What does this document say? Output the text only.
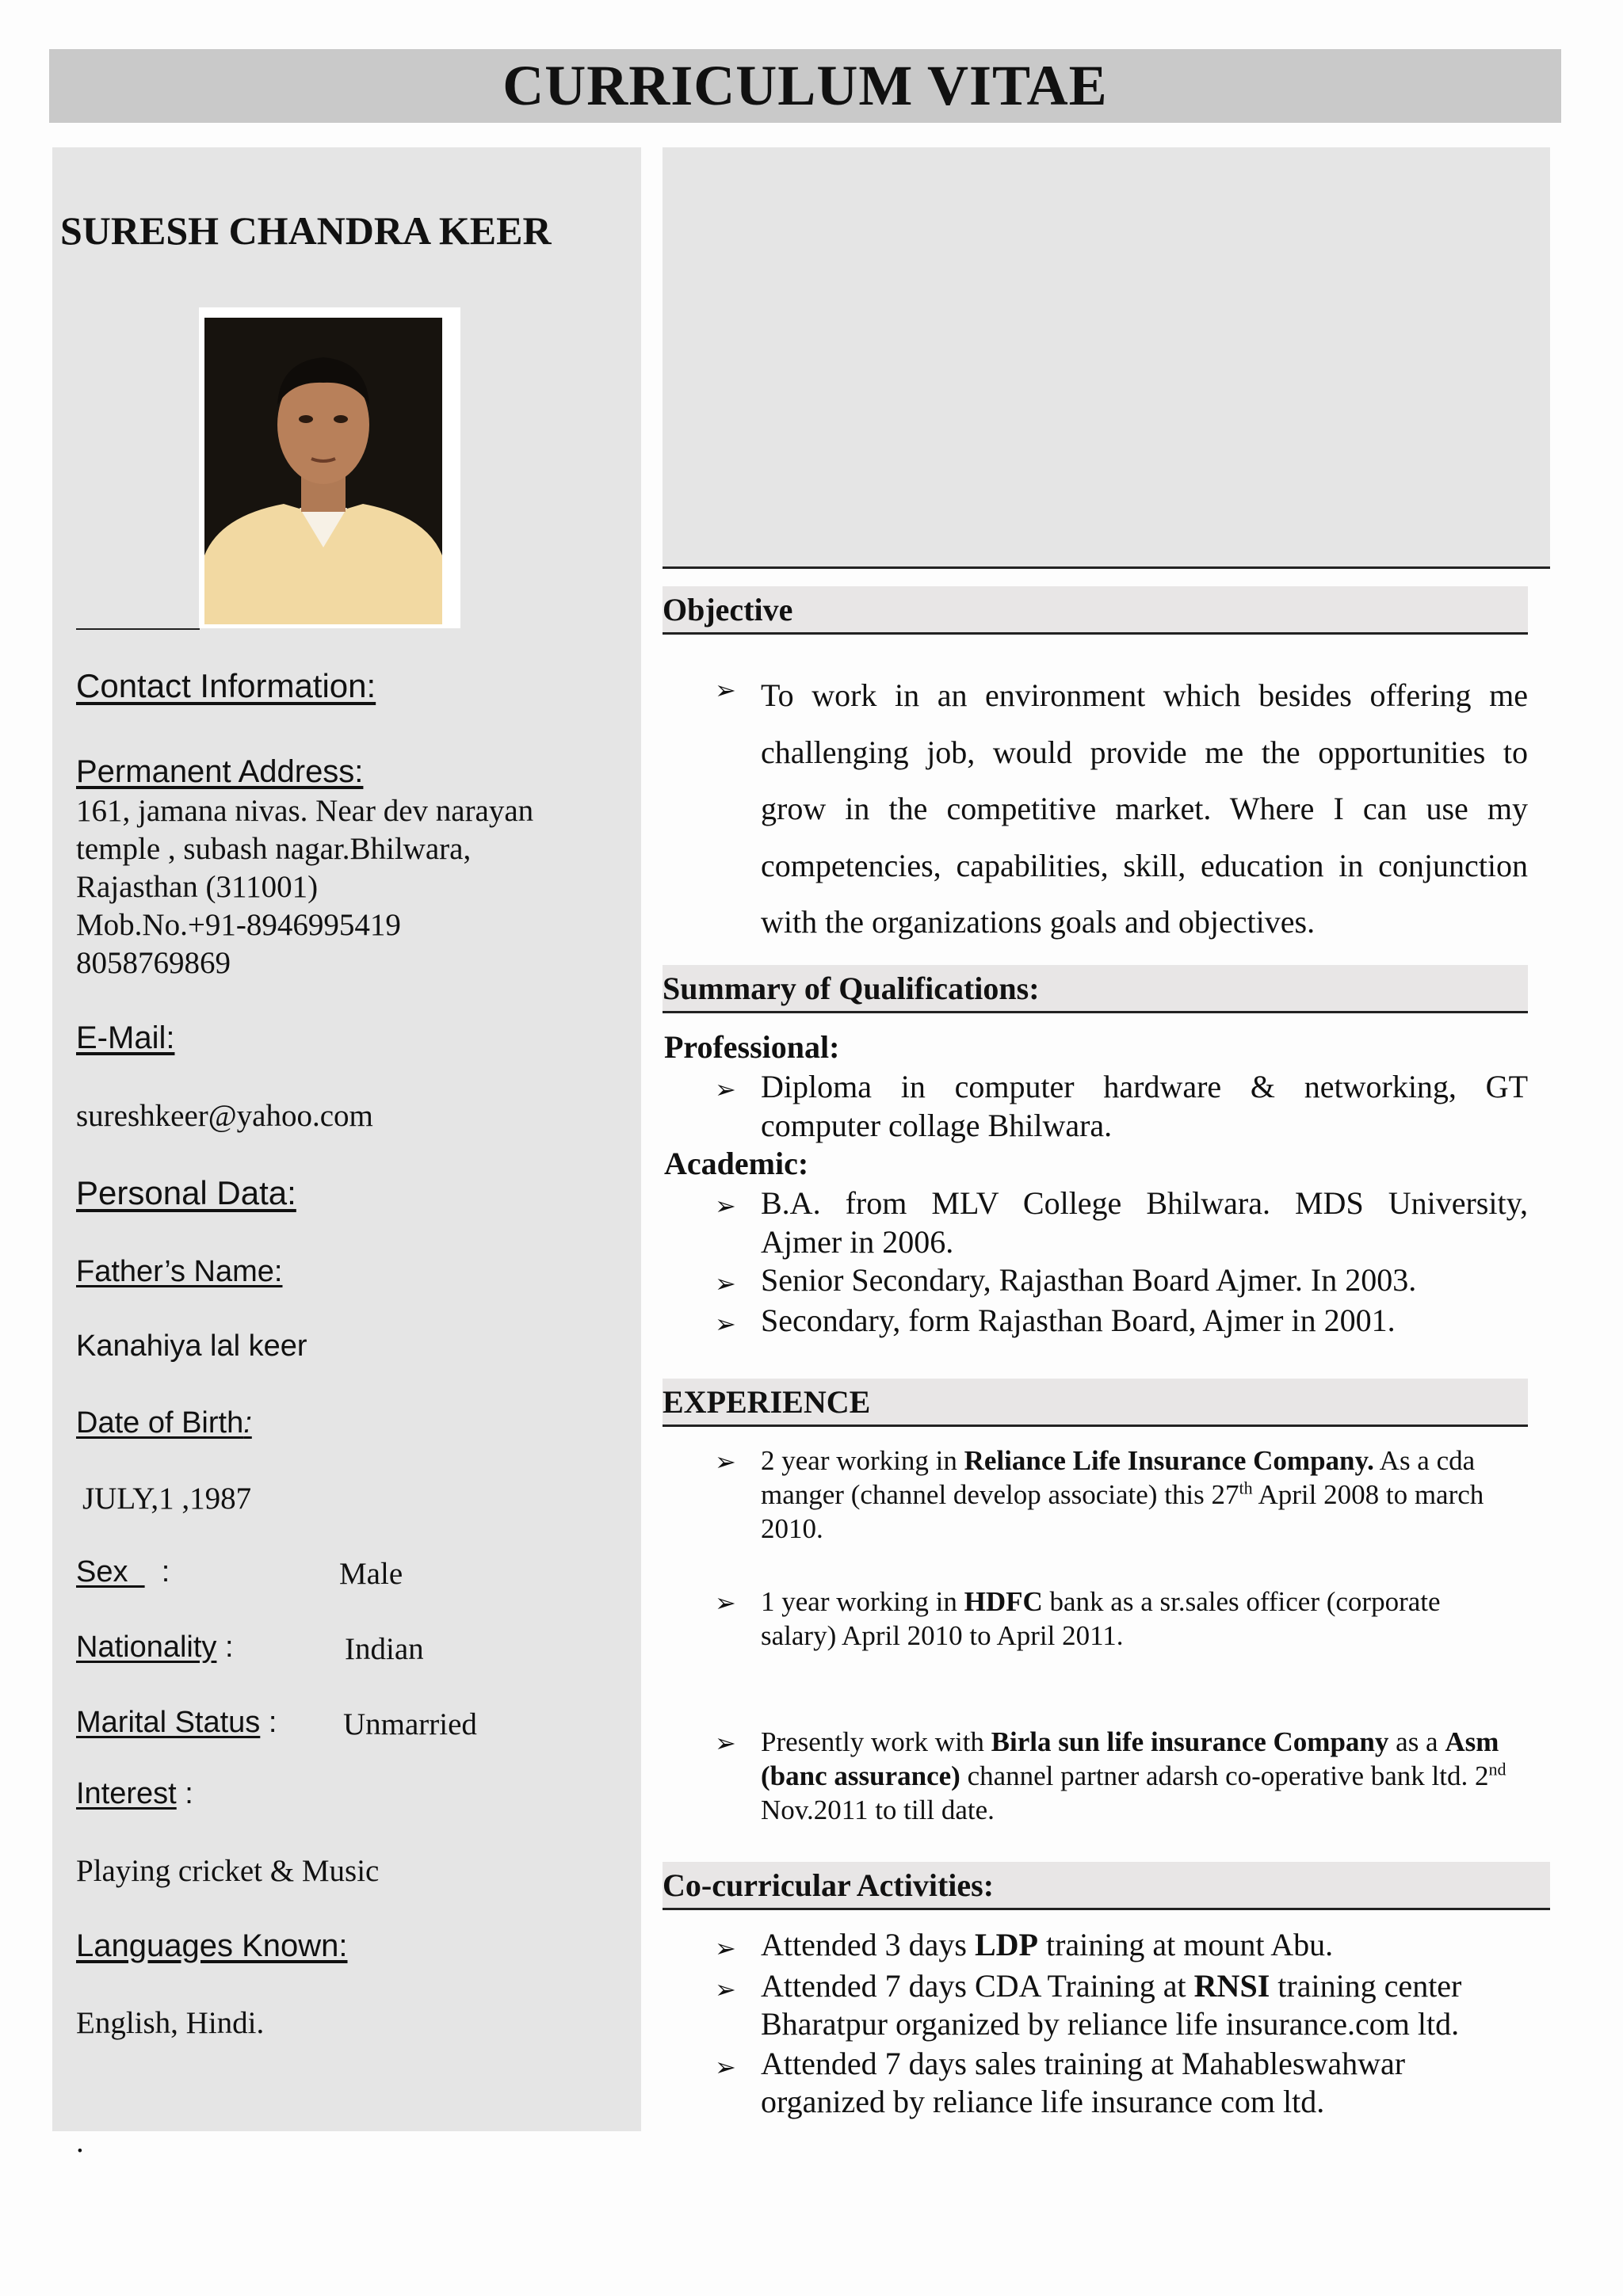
CURRICULUM VITAE
SURESH CHANDRA KEER
Contact Information:
Permanent Address:
161, jamana nivas. Near dev narayan
temple , subash nagar.Bhilwara,
Rajasthan (311001)
Mob.No.+91-8946995419
8058769869
E-Mail:
sureshkeer@yahoo.com
Personal Data:
Father’s Name:
Kanahiya lal keer
Date of Birth:
JULY,1 ,1987
Sex :	Male
Nationality :	Indian
Marital Status : Unmarried
Interest :
Playing cricket & Music
Languages Known:
English, Hindi.
.
Objective
➢ To work in an environment which besides offering me
challenging job, would provide me the opportunities to
grow in the competitive market. Where I can use my
competencies, capabilities, skill, education in conjunction
with the organizations goals and objectives.
Summary of Qualifications:
Professional:
➢ Diploma in computer hardware & networking, GT
computer collage Bhilwara.
Academic:
➢ B.A. from MLV College Bhilwara. MDS University,
Ajmer in 2006.
➢ Senior Secondary, Rajasthan Board Ajmer. In 2003.
➢ Secondary, form Rajasthan Board, Ajmer in 2001.
EXPERIENCE
➢ 2 year working in Reliance Life Insurance Company. As a cda manger (channel develop associate) this 27th April 2008 to march 2010.
➢ 1 year working in HDFC bank as a sr.sales officer (corporate salary) April 2010 to April 2011.
➢ Presently work with Birla sun life insurance Company as a Asm (banc assurance) channel partner adarsh co-operative bank ltd. 2nd Nov.2011 to till date.
Co-curricular Activities:
➢ Attended 3 days LDP training at mount Abu.
➢ Attended 7 days CDA Training at RNSI training center
Bharatpur organized by reliance life insurance.com ltd.
➢ Attended 7 days sales training at Mahableswahwar
organized by reliance life insurance com ltd.
